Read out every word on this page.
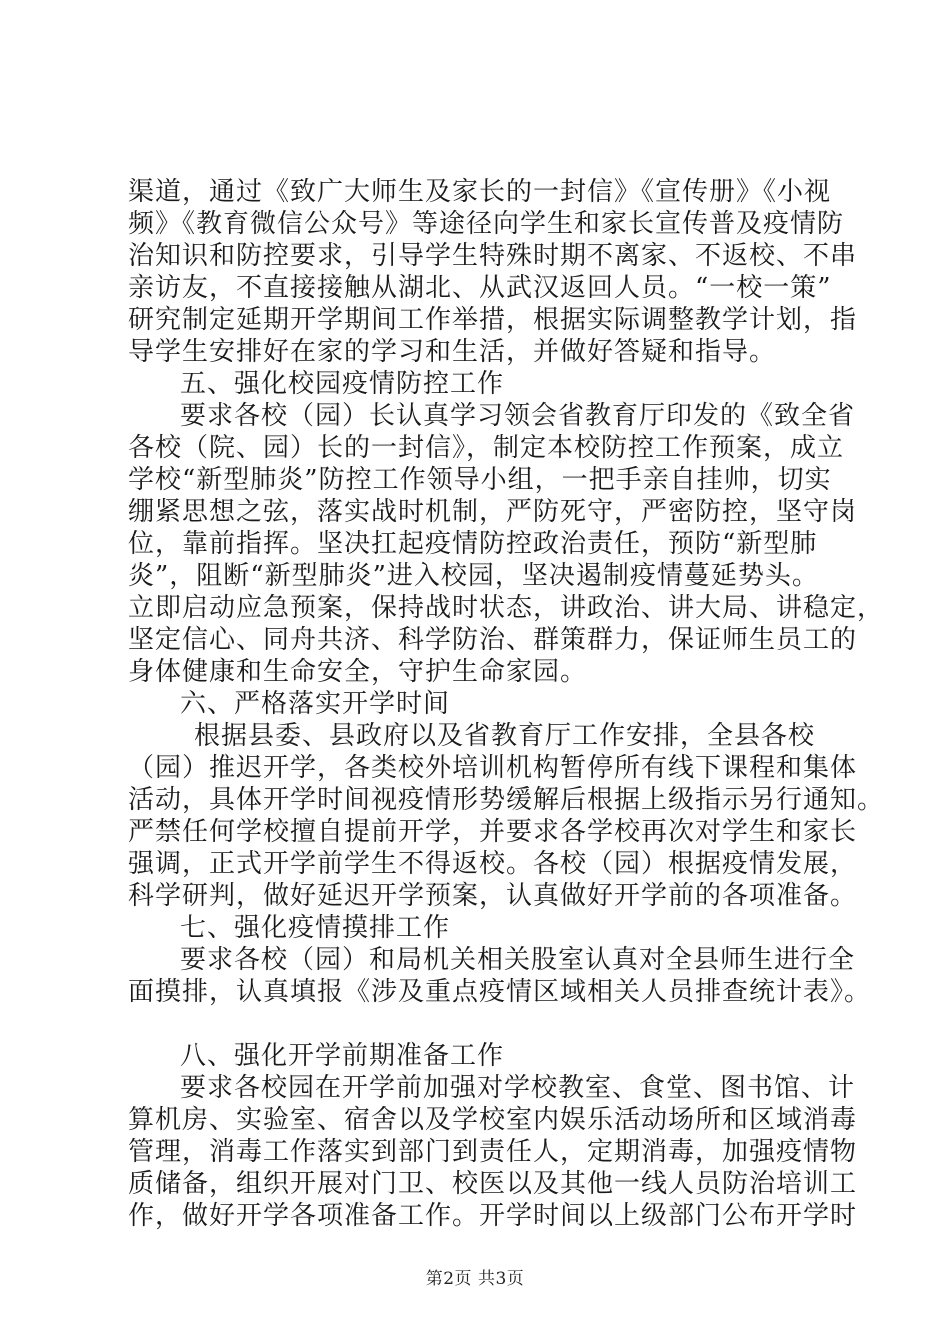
渠道，通过《致广大师生及家长的一封信》《宣传册》《小视
频》《教育微信公众号》等途径向学生和家长宣传普及疫情防
治知识和防控要求，引导学生特殊时期不离家、不返校、不串
亲访友，不直接接触从湖北、从武汉返回人员。“一校一策”
研究制定延期开学期间工作举措，根据实际调整教学计划，指
导学生安排好在家的学习和生活，并做好答疑和指导。
五、强化校园疫情防控工作
要求各校（园）长认真学习领会省教育厅印发的《致全省
各校（院、园）长的一封信》，制定本校防控工作预案，成立
学校“新型肺炎”防控工作领导小组，一把手亲自挂帅，切实
绷紧思想之弦，落实战时机制，严防死守，严密防控，坚守岗
位，靠前指挥。坚决扛起疫情防控政治责任，预防“新型肺
炎”，阻断“新型肺炎”进入校园，坚决遏制疫情蔓延势头。
立即启动应急预案，保持战时状态，讲政治、讲大局、讲稳定，
坚定信心、同舟共济、科学防治、群策群力，保证师生员工的
身体健康和生命安全，守护生命家园。
六、严格落实开学时间
根据县委、县政府以及省教育厅工作安排，全县各校
（园）推迟开学，各类校外培训机构暂停所有线下课程和集体
活动，具体开学时间视疫情形势缓解后根据上级指示另行通知。
严禁任何学校擅自提前开学，并要求各学校再次对学生和家长
强调，正式开学前学生不得返校。各校（园）根据疫情发展，
科学研判，做好延迟开学预案，认真做好开学前的各项准备。
七、强化疫情摸排工作
要求各校（园）和局机关相关股室认真对全县师生进行全
面摸排，认真填报《涉及重点疫情区域相关人员排查统计表》。
八、强化开学前期准备工作
要求各校园在开学前加强对学校教室、食堂、图书馆、计
算机房、实验室、宿舍以及学校室内娱乐活动场所和区域消毒
管理，消毒工作落实到部门到责任人，定期消毒，加强疫情物
质储备，组织开展对门卫、校医以及其他一线人员防治培训工
作，做好开学各项准备工作。开学时间以上级部门公布开学时
第2页 共3页
